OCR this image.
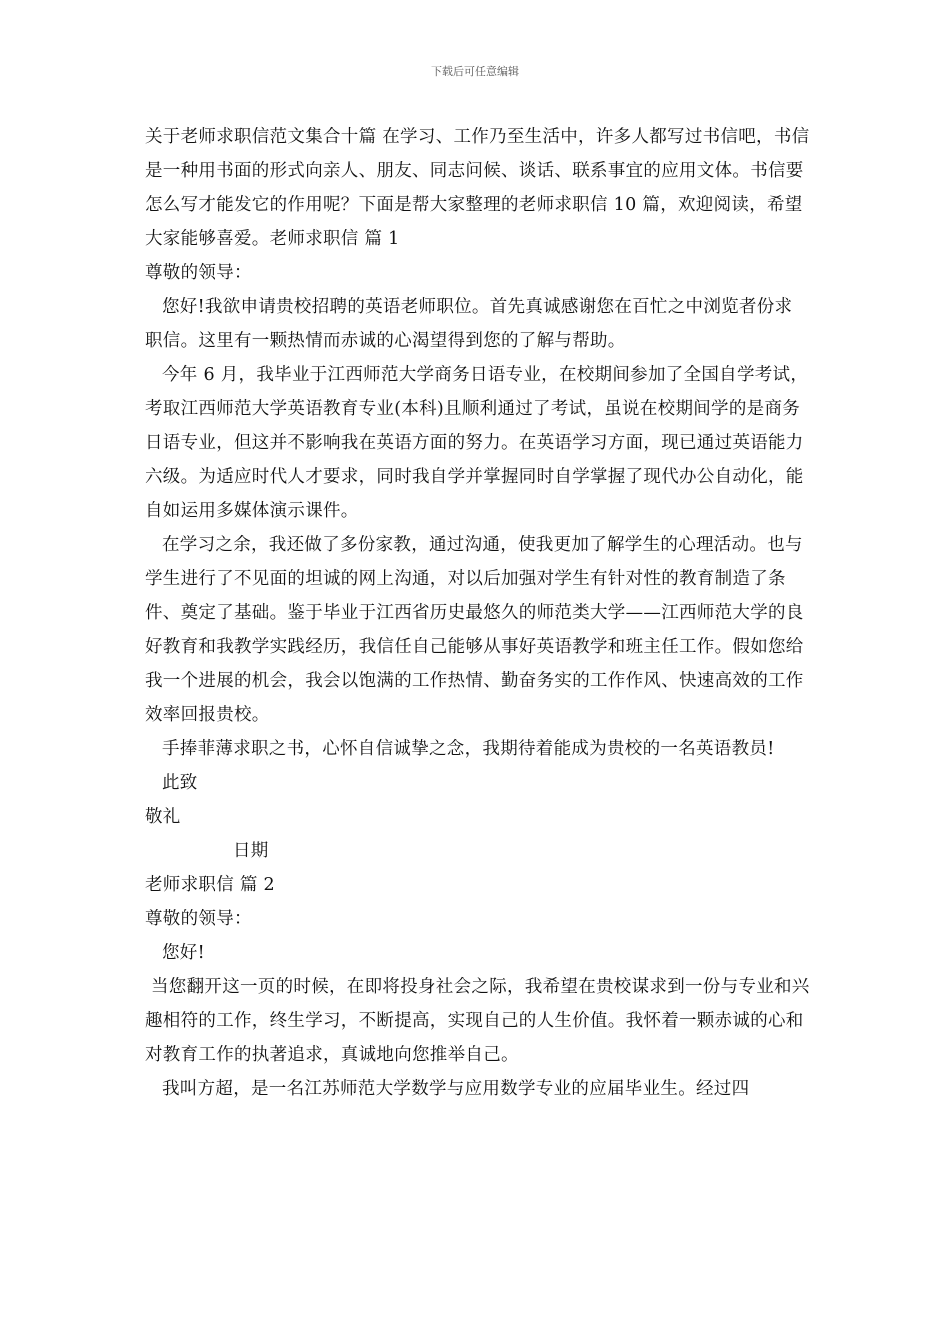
下载后可任意编辑

关于老师求职信范文集合十篇 在学习、工作乃至生活中，许多人都写过书信吧，书信是一种用书面的形式向亲人、朋友、同志问候、谈话、联系事宜的应用文体。书信要怎么写才能发它的作用呢？下面是帮大家整理的老师求职信 10 篇，欢迎阅读，希望大家能够喜爱。老师求职信 篇 1

尊敬的领导：

您好!我欲申请贵校招聘的英语老师职位。首先真诚感谢您在百忙之中浏览者份求职信。这里有一颗热情而赤诚的心渴望得到您的了解与帮助。

今年 6 月，我毕业于江西师范大学商务日语专业，在校期间参加了全国自学考试，考取江西师范大学英语教育专业(本科)且顺利通过了考试，虽说在校期间学的是商务日语专业，但这并不影响我在英语方面的努力。在英语学习方面，现已通过英语能力六级。为适应时代人才要求，同时我自学并掌握同时自学掌握了现代办公自动化，能自如运用多媒体演示课件。

在学习之余，我还做了多份家教，通过沟通，使我更加了解学生的心理活动。也与学生进行了不见面的坦诚的网上沟通，对以后加强对学生有针对性的教育制造了条件、奠定了基础。鉴于毕业于江西省历史最悠久的师范类大学——江西师范大学的良好教育和我教学实践经历，我信任自己能够从事好英语教学和班主任工作。假如您给我一个进展的机会，我会以饱满的工作热情、勤奋务实的工作作风、快速高效的工作效率回报贵校。

手捧菲薄求职之书，心怀自信诚挚之念，我期待着能成为贵校的一名英语教员!

此致

敬礼

日期

老师求职信 篇 2

尊敬的领导：

您好!

当您翻开这一页的时候，在即将投身社会之际，我希望在贵校谋求到一份与专业和兴趣相符的工作，终生学习，不断提高，实现自己的人生价值。我怀着一颗赤诚的心和对教育工作的执著追求，真诚地向您推举自己。

我叫方超，是一名江苏师范大学数学与应用数学专业的应届毕业生。经过四
